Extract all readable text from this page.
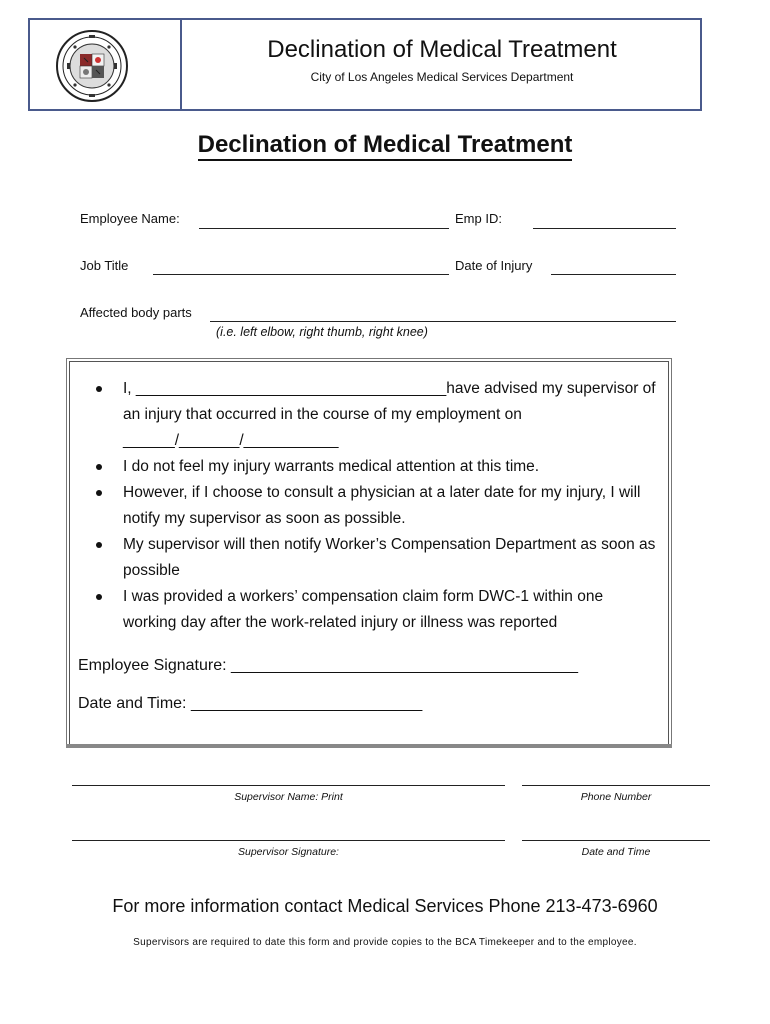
Declination of Medical Treatment
City of Los Angeles Medical Services Department
Declination of Medical Treatment
Employee Name:	Emp ID:
Job Title	Date of Injury
Affected body parts
(i.e. left elbow, right thumb, right knee)
I, ____________________________________have advised my supervisor of an injury that occurred in the course of my employment on ______/_______/___________
I do not feel my injury warrants medical attention at this time.
However, if I choose to consult a physician at a later date for my injury, I will notify my supervisor as soon as possible.
My supervisor will then notify Worker’s Compensation Department as soon as possible
I was provided a workers’ compensation claim form DWC-1 within one working day after the work-related injury or illness was reported
Employee Signature: _______________________________________
Date and Time: __________________________
Supervisor Name: Print	Phone Number
Supervisor Signature:	Date and Time
For more information contact Medical Services Phone 213-473-6960
Supervisors are required to date this form and provide copies to the BCA Timekeeper and to the employee.
